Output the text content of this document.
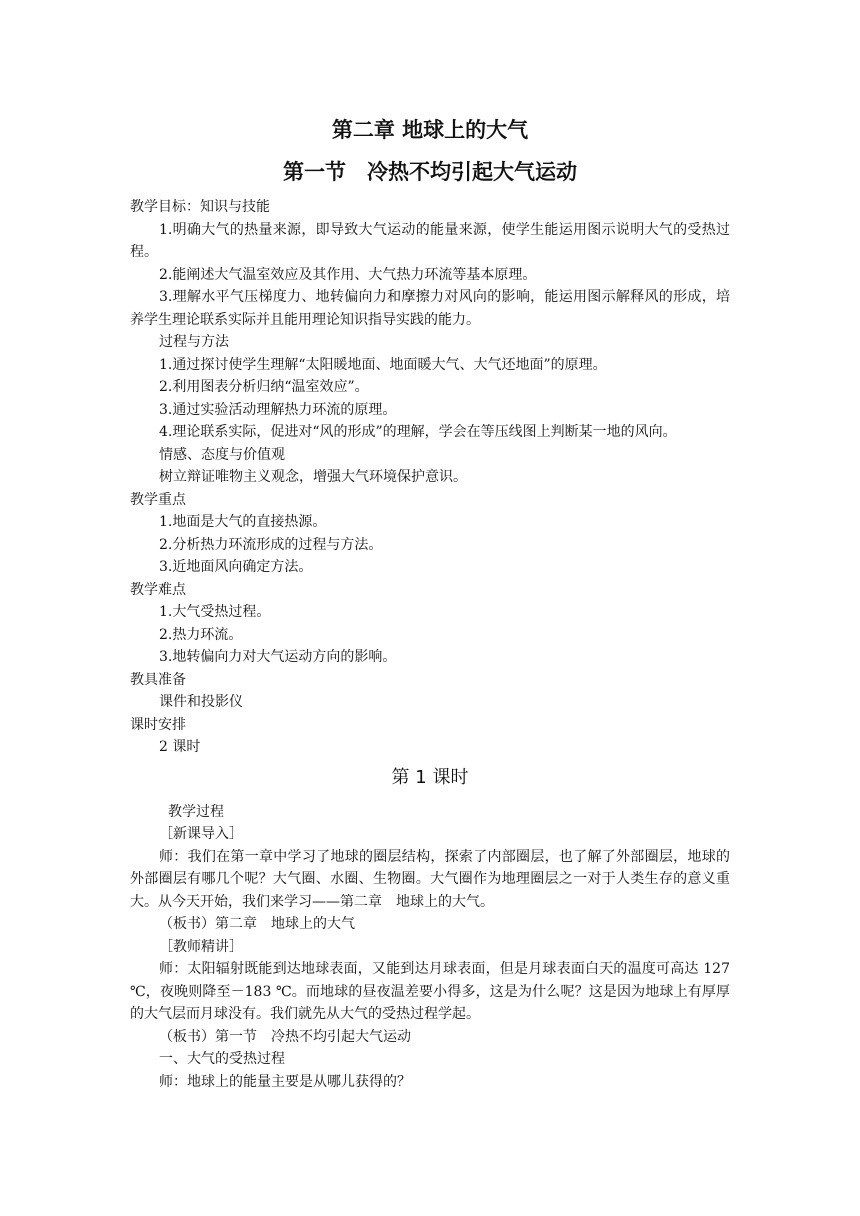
第二章 地球上的大气
第一节　冷热不均引起大气运动

教学目标：知识与技能

1.明确大气的热量来源，即导致大气运动的能量来源，使学生能运用图示说明大气的受热过程。

2.能阐述大气温室效应及其作用、大气热力环流等基本原理。

3.理解水平气压梯度力、地转偏向力和摩擦力对风向的影响，能运用图示解释风的形成，培养学生理论联系实际并且能用理论知识指导实践的能力。

过程与方法

1.通过探讨使学生理解“太阳暖地面、地面暖大气、大气还地面”的原理。

2.利用图表分析归纳“温室效应”。

3.通过实验活动理解热力环流的原理。

4.理论联系实际，促进对“风的形成”的理解，学会在等压线图上判断某一地的风向。

情感、态度与价值观

树立辩证唯物主义观念，增强大气环境保护意识。

教学重点

1.地面是大气的直接热源。

2.分析热力环流形成的过程与方法。

3.近地面风向确定方法。

教学难点

1.大气受热过程。

2.热力环流。

3.地转偏向力对大气运动方向的影响。

教具准备

课件和投影仪

课时安排

2 课时

第 1 课时

教学过程

［新课导入］

师：我们在第一章中学习了地球的圈层结构，探索了内部圈层，也了解了外部圈层，地球的外部圈层有哪几个呢？大气圈、水圈、生物圈。大气圈作为地理圈层之一对于人类生存的意义重大。从今天开始，我们来学习——第二章　地球上的大气。

（板书）第二章　地球上的大气

［教师精讲］

师：太阳辐射既能到达地球表面，又能到达月球表面，但是月球表面白天的温度可高达 127 ℃，夜晚则降至－183 ℃。而地球的昼夜温差要小得多，这是为什么呢？这是因为地球上有厚厚的大气层而月球没有。我们就先从大气的受热过程学起。

（板书）第一节　冷热不均引起大气运动

一、大气的受热过程

师：地球上的能量主要是从哪儿获得的？
